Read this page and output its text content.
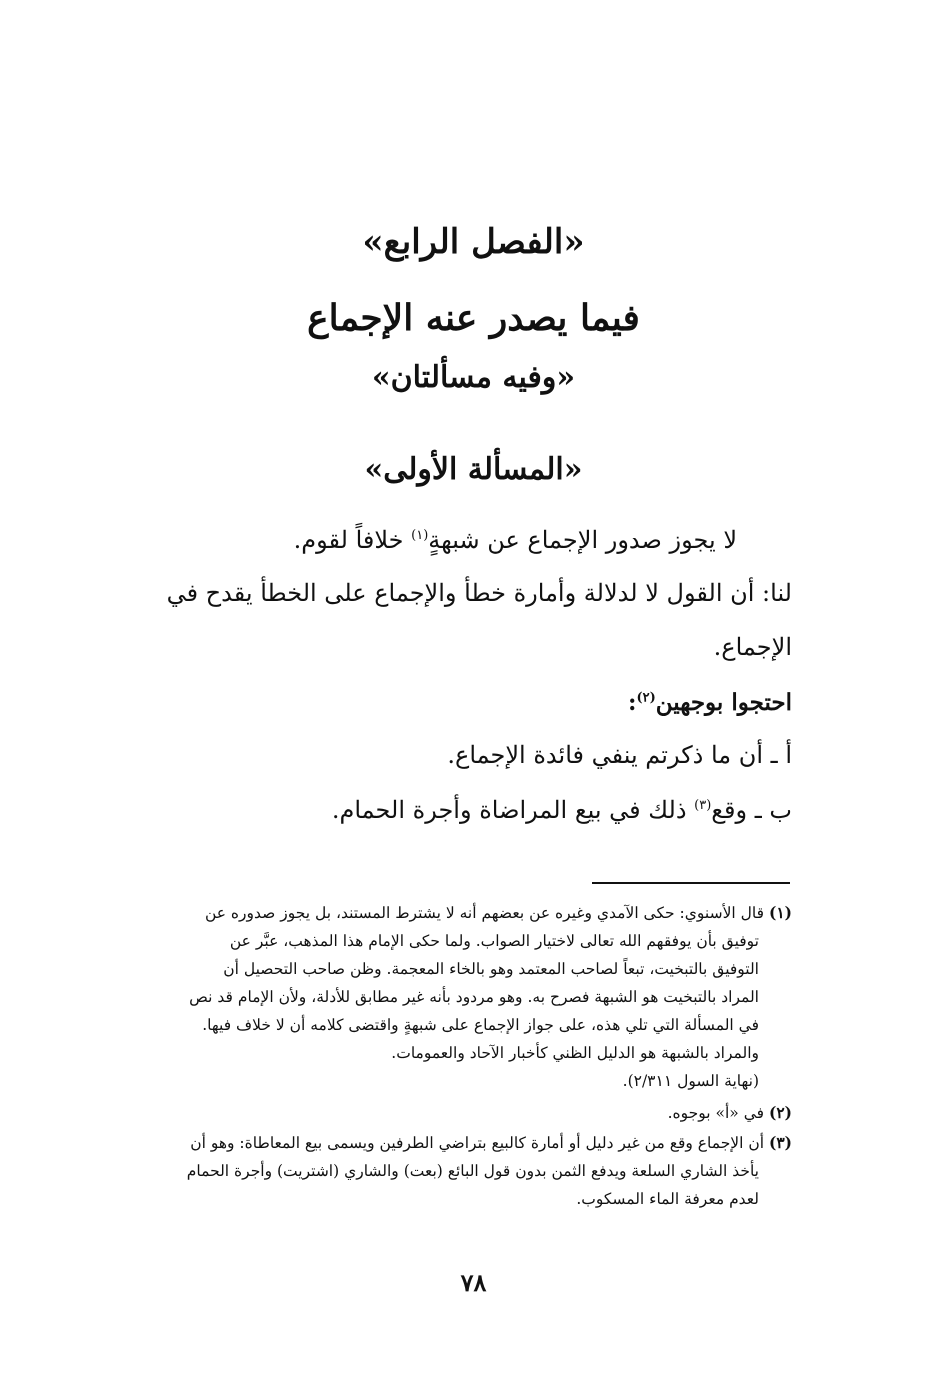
«الفصل الرابع»
فيما يصدر عنه الإجماع
«وفيه مسألتان»
«المسألة الأولى»
لا يجوز صدور الإجماع عن شبهةٍ$^{(١)}$ خلافاً لقوم.
لنا: أن القول لا لدلالة وأمارة خطأ والإجماع على الخطأ يقدح في
الإجماع.
احتجوا بوجهين$^{(٢)}$:
أ ـ أن ما ذكرتم ينفي فائدة الإجماع.
ب ـ وقع$^{(٣)}$ ذلك في بيع المراضاة وأجرة الحمام.
(١) قال الأسنوي: حكى الآمدي وغيره عن بعضهم أنه لا يشترط المستند، بل يجوز صدوره عن
توفيق بأن يوفقهم الله تعالى لاختيار الصواب. ولما حكى الإمام هذا المذهب، عبَّر عن
التوفيق بالتبخيت، تبعاً لصاحب المعتمد وهو بالخاء المعجمة. وظن صاحب التحصيل أن
المراد بالتبخيت هو الشبهة فصرح به. وهو مردود بأنه غير مطابق للأدلة، ولأن الإمام قد نص
في المسألة التي تلي هذه، على جواز الإجماع على شبهةٍ واقتضى كلامه أن لا خلاف فيها.
والمراد بالشبهة هو الدليل الظني كأخبار الآحاد والعمومات.
(نهاية السول ٢/٣١١).
(٢) في «أ» بوجوه.
(٣) أن الإجماع وقع من غير دليل أو أمارة كالبيع بتراضي الطرفين ويسمى بيع المعاطاة: وهو أن
يأخذ الشاري السلعة ويدفع الثمن بدون قول البائع (بعت) والشاري (اشتريت) وأجرة الحمام
لعدم معرفة الماء المسكوب.
٧٨
